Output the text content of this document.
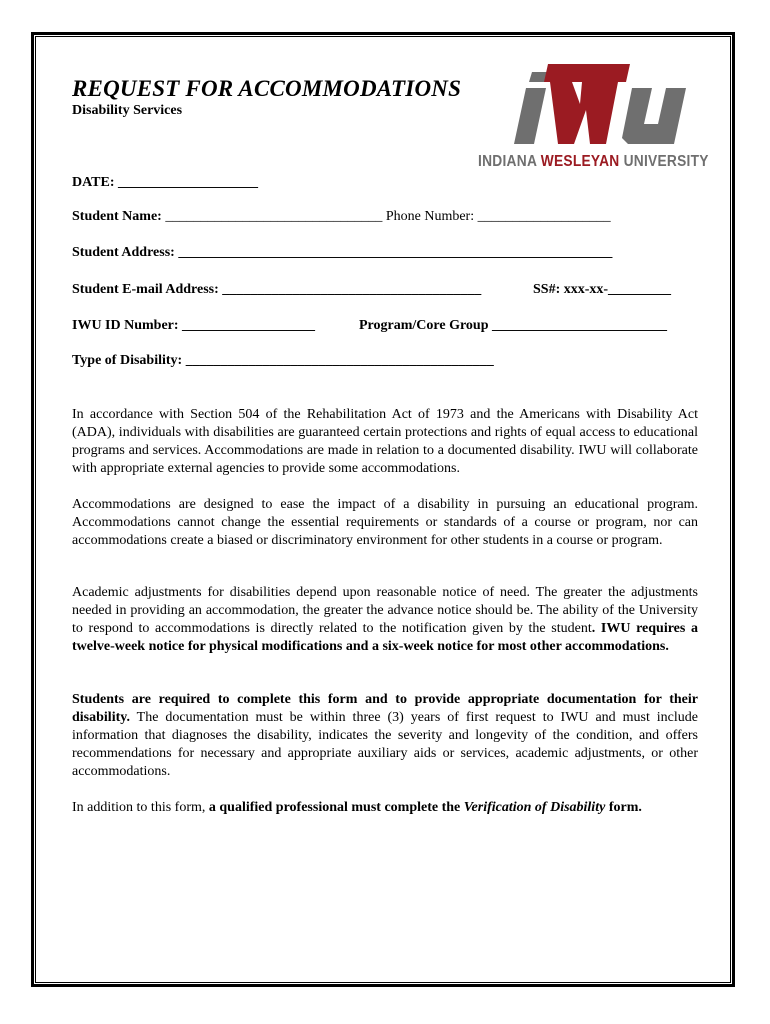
REQUEST FOR ACCOMMODATIONS
Disability Services
INDIANA WESLEYAN UNIVERSITY
DATE: ____________________
Student Name: _______________________________ Phone Number: ___________________
Student Address: ______________________________________________________________
Student E-mail Address: _____________________________________	SS#: xxx-xx-_________
IWU ID Number: ___________________	Program/Core Group _________________________
Type of Disability: ____________________________________________

In accordance with Section 504 of the Rehabilitation Act of 1973 and the Americans with Disability Act (ADA), individuals with disabilities are guaranteed certain protections and rights of equal access to educational programs and services. Accommodations are made in relation to a documented disability. IWU will collaborate with appropriate external agencies to provide some accommodations.

Accommodations are designed to ease the impact of a disability in pursuing an educational program. Accommodations cannot change the essential requirements or standards of a course or program, nor can accommodations create a biased or discriminatory environment for other students in a course or program.

Academic adjustments for disabilities depend upon reasonable notice of need. The greater the adjustments needed in providing an accommodation, the greater the advance notice should be. The ability of the University to respond to accommodations is directly related to the notification given by the student. IWU requires a twelve-week notice for physical modifications and a six-week notice for most other accommodations.

Students are required to complete this form and to provide appropriate documentation for their disability. The documentation must be within three (3) years of first request to IWU and must include information that diagnoses the disability, indicates the severity and longevity of the condition, and offers recommendations for necessary and appropriate auxiliary aids or services, academic adjustments, or other accommodations.

In addition to this form, a qualified professional must complete the Verification of Disability form.
